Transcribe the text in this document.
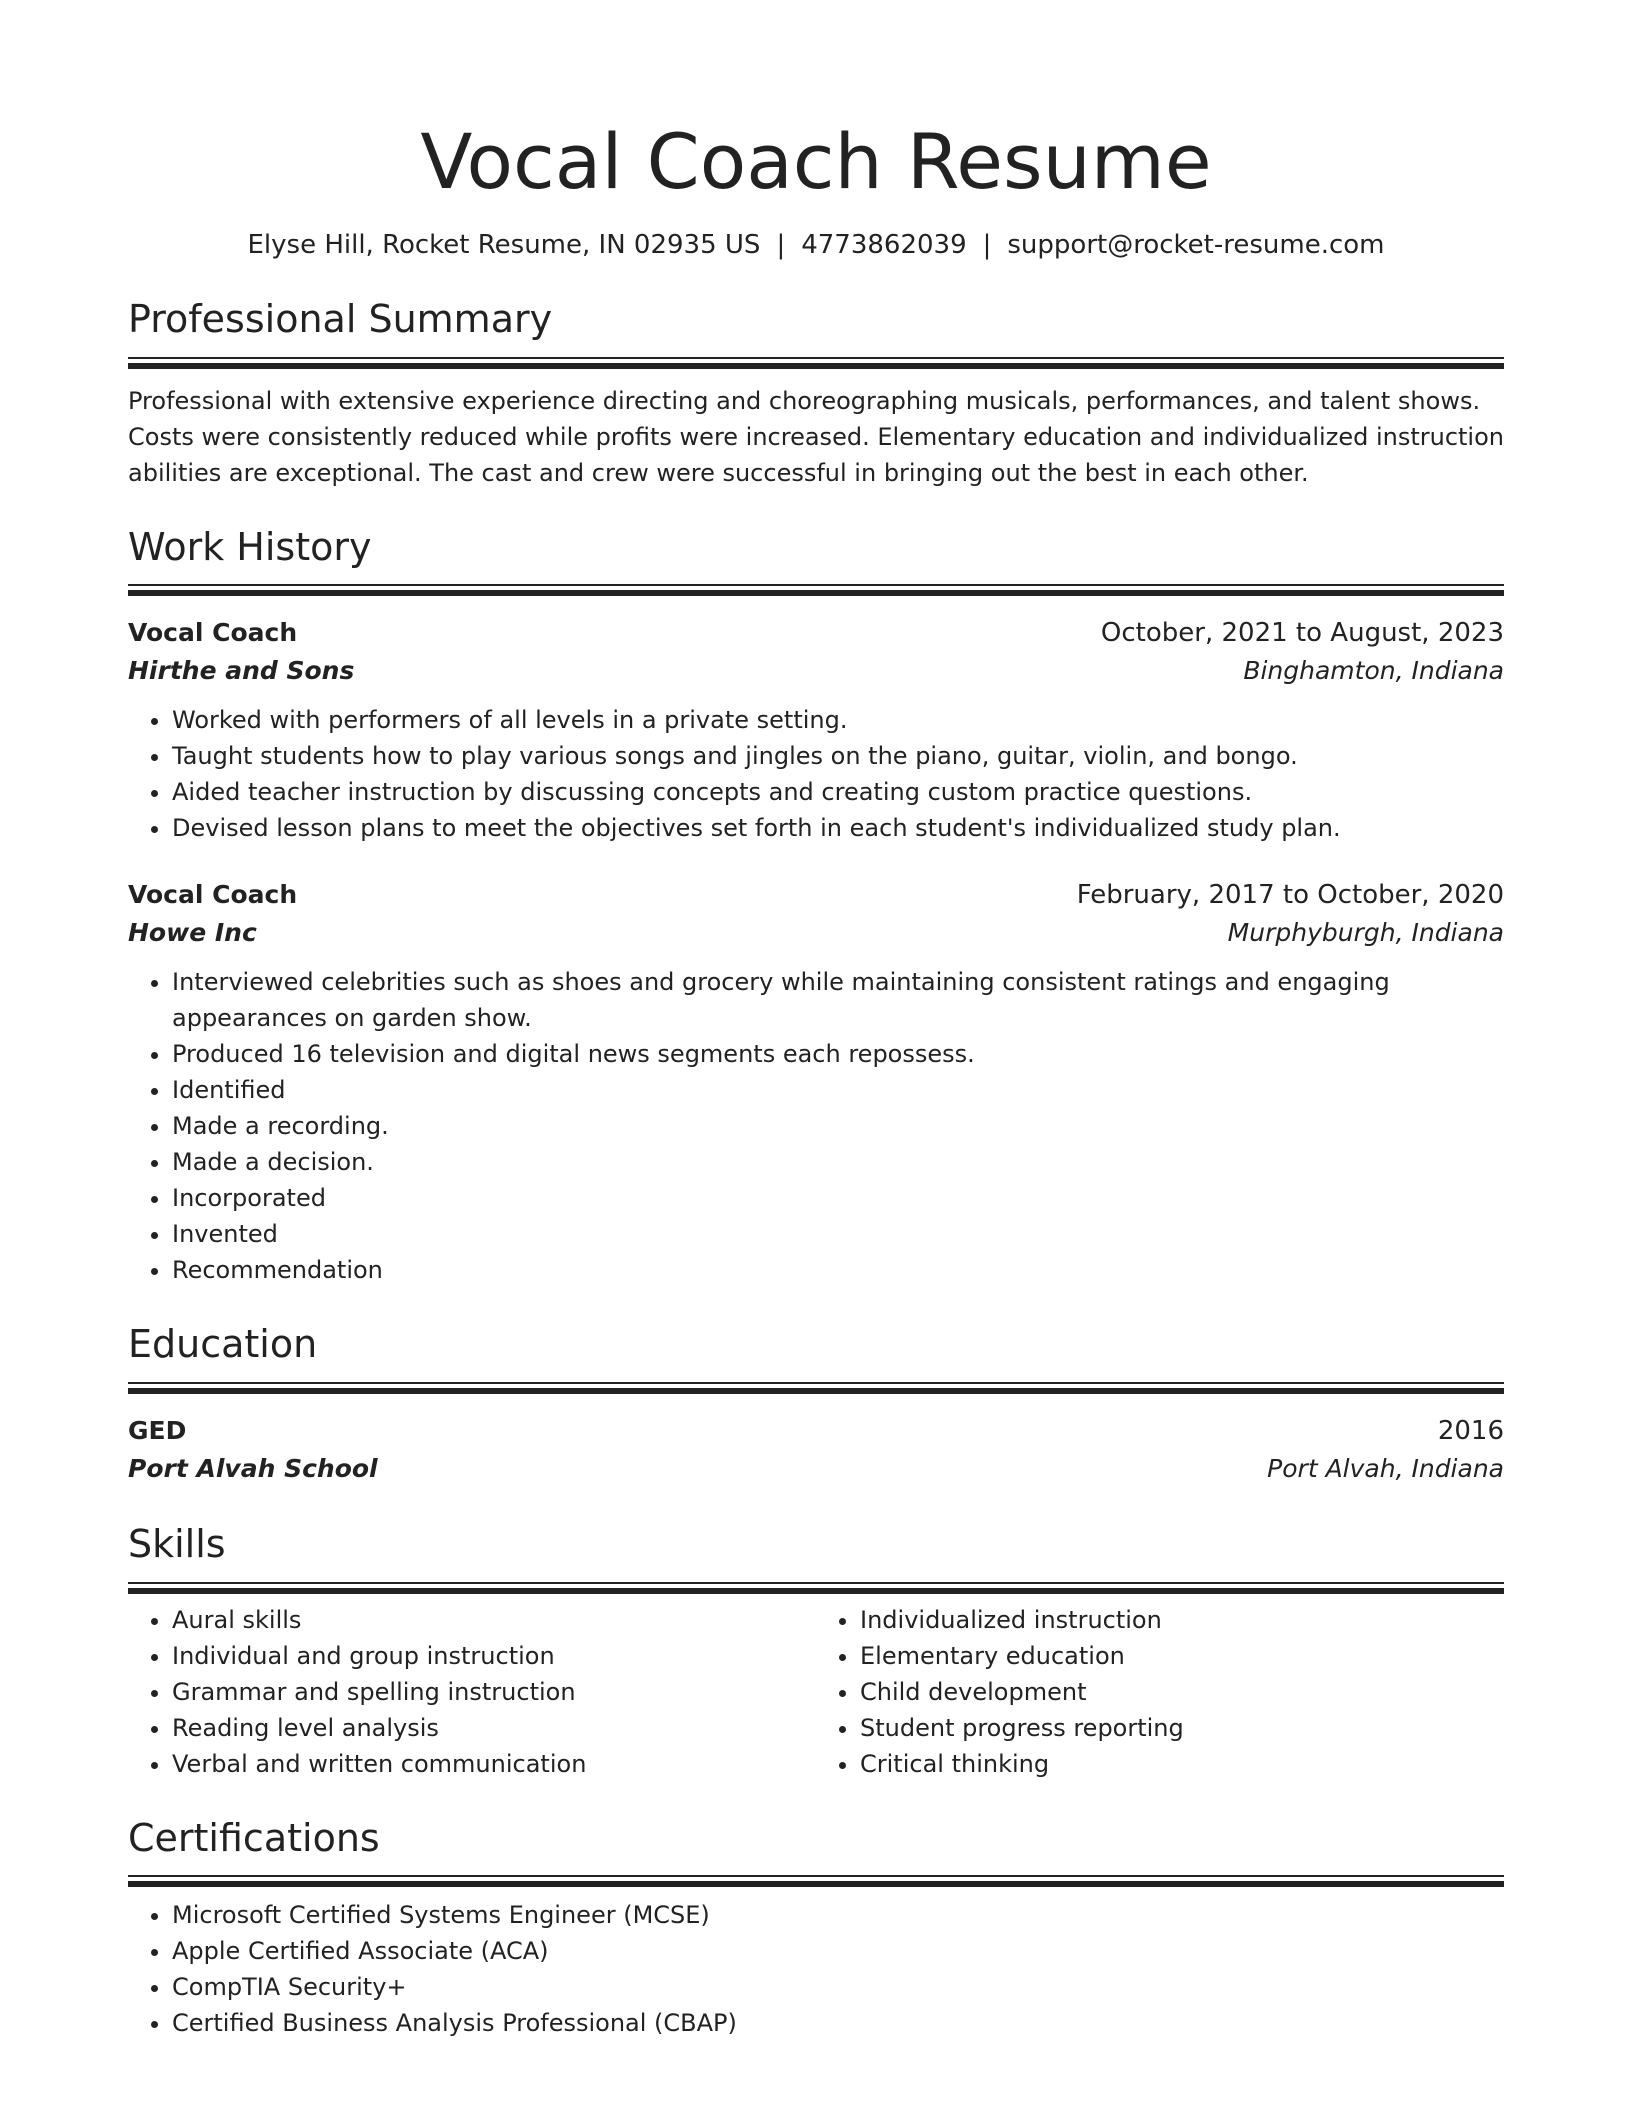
Vocal Coach Resume
Elyse Hill, Rocket Resume, IN 02935 US | 4773862039 | support@rocket-resume.com
Professional Summary
Professional with extensive experience directing and choreographing musicals, performances, and talent shows. Costs were consistently reduced while profits were increased. Elementary education and individualized instruction abilities are exceptional. The cast and crew were successful in bringing out the best in each other.
Work History
Vocal Coach	October, 2021 to August, 2023
Hirthe and Sons	Binghamton, Indiana
• Worked with performers of all levels in a private setting.
• Taught students how to play various songs and jingles on the piano, guitar, violin, and bongo.
• Aided teacher instruction by discussing concepts and creating custom practice questions.
• Devised lesson plans to meet the objectives set forth in each student's individualized study plan.
Vocal Coach	February, 2017 to October, 2020
Howe Inc	Murphyburgh, Indiana
• Interviewed celebrities such as shoes and grocery while maintaining consistent ratings and engaging appearances on garden show.
• Produced 16 television and digital news segments each repossess.
• Identified
• Made a recording.
• Made a decision.
• Incorporated
• Invented
• Recommendation
Education
GED	2016
Port Alvah School	Port Alvah, Indiana
Skills
• Aural skills
• Individual and group instruction
• Grammar and spelling instruction
• Reading level analysis
• Verbal and written communication
• Individualized instruction
• Elementary education
• Child development
• Student progress reporting
• Critical thinking
Certifications
• Microsoft Certified Systems Engineer (MCSE)
• Apple Certified Associate (ACA)
• CompTIA Security+
• Certified Business Analysis Professional (CBAP)
